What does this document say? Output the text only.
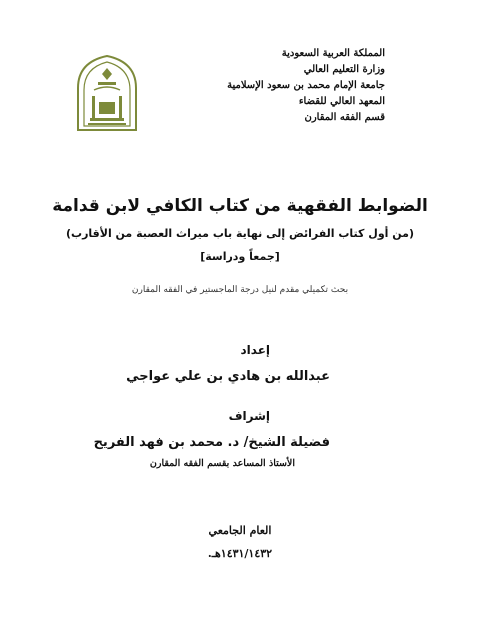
المملكة العربية السعودية
وزارة التعليم العالي
جامعة الإمام محمد بن سعود الإسلامية
المعهد العالي للقضاء
قسم الفقه المقارن
الضوابط الفقهية من كتاب الكافي لابن قدامة
(من أول كتاب الفرائض إلى نهاية باب ميراث العصبة من الأقارب)
[جمعاً ودراسة]
بحث تكميلي مقدم لنيل درجة الماجستير في الفقه المقارن
إعداد
عبدالله بن هادي بن علي عواجي
إشراف
فضيلة الشيخ/ د. محمد بن فهد الفريح
الأستاذ المساعد بقسم الفقه المقارن
العام الجامعي
١٤٣١/١٤٣٢هـ.
